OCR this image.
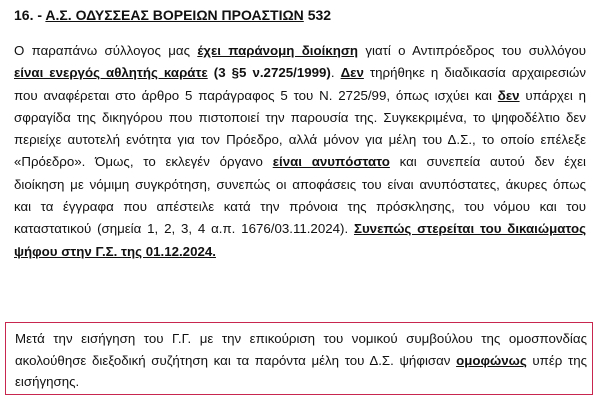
16. - Α.Σ. ΟΔΥΣΣΕΑΣ ΒΟΡΕΙΩΝ ΠΡΟΑΣΤΙΩΝ 532
Ο παραπάνω σύλλογος μας έχει παράνομη διοίκηση γιατί ο Αντιπρόεδρος του συλλόγου
είναι ενεργός αθλητής καράτε (3 §5 ν.2725/1999). Δεν τηρήθηκε η διαδικασία αρχαιρεσιών
που αναφέρεται στο άρθρο 5 παράγραφος 5 του Ν. 2725/99, όπως ισχύει και δεν υπάρχει η
σφραγίδα της δικηγόρου που πιστοποιεί την παρουσία της. Συγκεκριμένα, το ψηφοδέλτιο δεν
περιείχε αυτοτελή ενότητα για τον Πρόεδρο, αλλά μόνον για μέλη του Δ.Σ., το οποίο επέλεξε
«Πρόεδρο». Όμως, το εκλεγέν όργανο είναι ανυπόστατο και συνεπεία αυτού δεν έχει
διοίκηση με νόμιμη συγκρότηση, συνεπώς οι αποφάσεις του είναι ανυπόστατες, άκυρες όπως
και τα έγγραφα που απέστειλε κατά την πρόνοια της πρόσκλησης, του νόμου και του
καταστατικού (σημεία 1, 2, 3, 4 α.π. 1676/03.11.2024). Συνεπώς στερείται του δικαιώματος
ψήφου στην Γ.Σ. της 01.12.2024.
Μετά την εισήγηση του Γ.Γ. με την επικούριση του νομικού συμβούλου της ομοσπονδίας
ακολούθησε διεξοδική συζήτηση και τα παρόντα μέλη του Δ.Σ. ψήφισαν ομοφώνως υπέρ της
εισήγησης.
